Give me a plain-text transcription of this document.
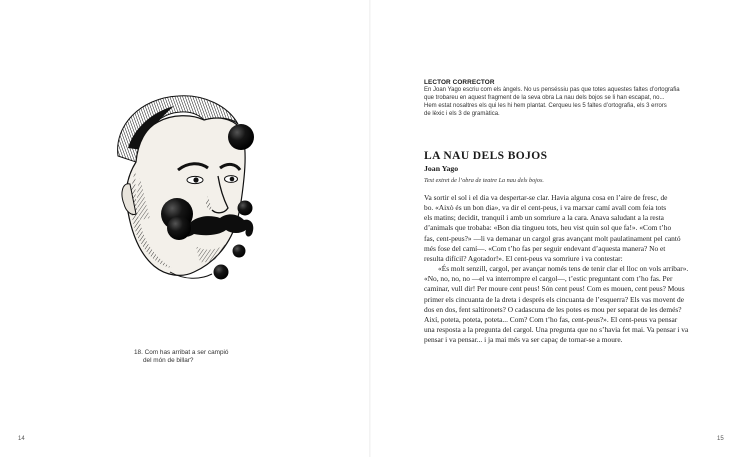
18. Com has arribat a ser campió
del món de billar?
14
LECTOR CORRECTOR
En Joan Yago escriu com els àngels. No us penséssiu pas que totes aquestes faltes d’ortografia
que trobareu en aquest fragment de la seva obra La nau dels bojos se li han escapat, no...
Hem estat nosaltres els qui les hi hem plantat. Cerqueu les 5 faltes d’ortografia, els 3 errors
de lèxic i els 3 de gramàtica.
LA NAU DELS BOJOS
Joan Yago
Text extret de l’obra de teatre La nau dels bojos.
Va sortir el sol i el dia va despertar-se clar. Havia alguna cosa en l’aire de fresc, de
bo. «Això és un bon dia», va dir el cent-peus, i va marxar camí avall com feia tots
els matins; decidit, tranquil i amb un somriure a la cara. Anava saludant a la resta
d’animals que trobaba: «Bon dia tingueu tots, heu vist quin sol que fa!». «Com t’ho
fas, cent-peus?» —li va demanar un cargol gras avançant molt paulatinament pel cantó
més fose del camí—. «Com t’ho fas per seguir endevant d’aquesta manera? No et
resulta difícil? Agotador!». El cent-peus va somriure i va contestar:
«És molt senzill, cargol, per avançar només tens de tenir clar el lloc on vols arribar».
«No, no, no, no —el va interrompre el cargol—, t’estic preguntant com t’ho fas. Per
caminar, vull dir! Per moure cent peus! Són cent peus! Com es mouen, cent peus? Mous
primer els cincuanta de la dreta i després els cincuanta de l’esquerra? Els vas movent de
dos en dos, fent saltironets? O cadascuna de les potes es mou per separat de les demés?
Així, poteta, poteta, poteta... Com? Com t’ho fas, cent-peus?». El cent-peus va pensar
una resposta a la pregunta del cargol. Una pregunta que no s’havia fet mai. Va pensar i va
pensar i va pensar... i ja mai més va ser capaç de tornar-se a moure.
15
